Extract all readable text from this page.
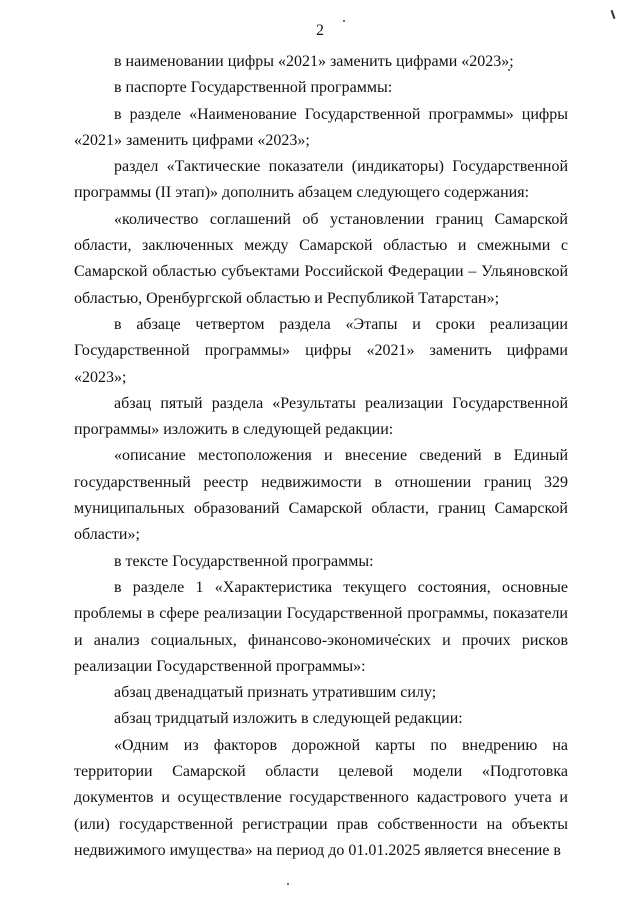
2

в наименовании цифры «2021» заменить цифрами «2023»;

в паспорте Государственной программы:

в разделе «Наименование Государственной программы» цифры «2021» заменить цифрами «2023»;

раздел «Тактические показатели (индикаторы) Государственной программы (II этап)» дополнить абзацем следующего содержания:

«количество соглашений об установлении границ Самарской области, заключенных между Самарской областью и смежными с Самарской областью субъектами Российской Федерации – Ульяновской областью, Оренбургской областью и Республикой Татарстан»;

в абзаце четвертом раздела «Этапы и сроки реализации Государственной программы» цифры «2021» заменить цифрами «2023»;

абзац пятый раздела «Результаты реализации Государственной программы» изложить в следующей редакции:

«описание местоположения и внесение сведений в Единый государственный реестр недвижимости в отношении границ 329 муниципальных образований Самарской области, границ Самарской области»;

в тексте Государственной программы:

в разделе 1 «Характеристика текущего состояния, основные проблемы в сфере реализации Государственной программы, показатели и анализ социальных, финансово-экономических и прочих рисков реализации Государственной программы»:

абзац двенадцатый признать утратившим силу;

абзац тридцатый изложить в следующей редакции:

«Одним из факторов дорожной карты по внедрению на территории Самарской области целевой модели «Подготовка документов и осуществление государственного кадастрового учета и (или) государственной регистрации прав собственности на объекты недвижимого имущества» на период до 01.01.2025 является внесение в
